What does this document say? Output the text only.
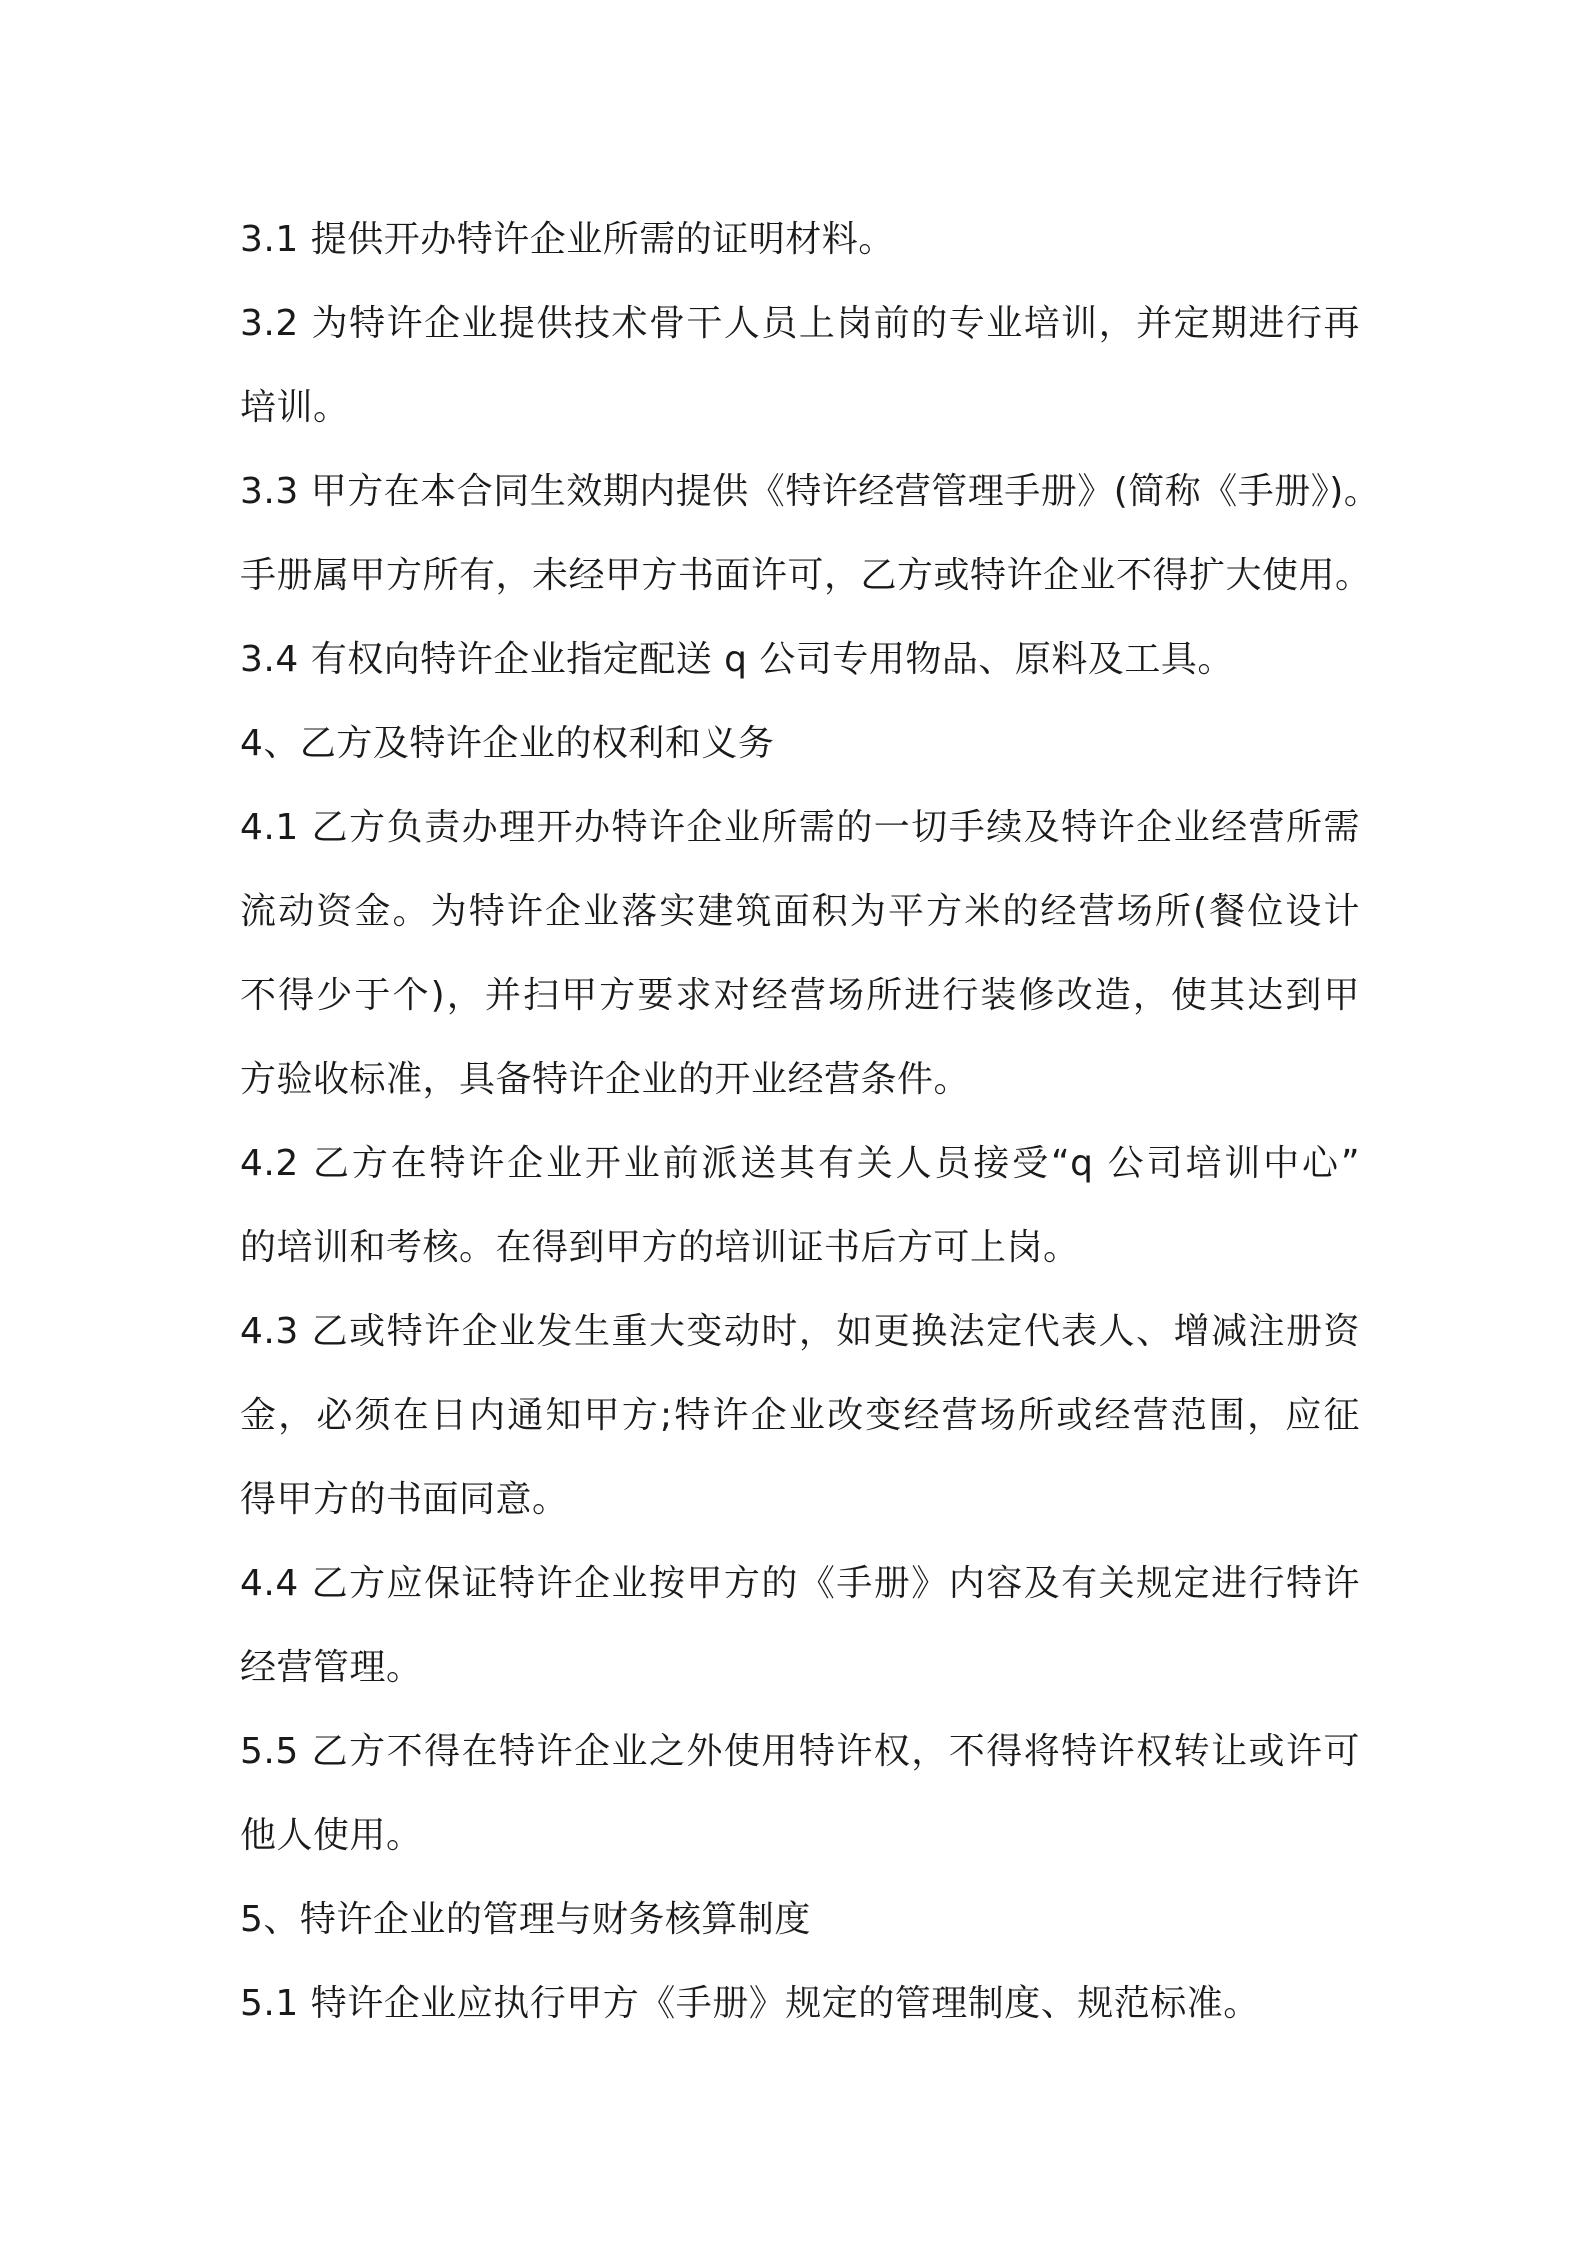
3.1 提供开办特许企业所需的证明材料。

3.2 为特许企业提供技术骨干人员上岗前的专业培训，并定期进行再
培训。

3.3 甲方在本合同生效期内提供《特许经营管理手册》(简称《手册》)。
手册属甲方所有，未经甲方书面许可，乙方或特许企业不得扩大使用。

3.4 有权向特许企业指定配送 q 公司专用物品、原料及工具。

4、乙方及特许企业的权利和义务

4.1 乙方负责办理开办特许企业所需的一切手续及特许企业经营所需
流动资金。为特许企业落实建筑面积为平方米的经营场所(餐位设计
不得少于个)，并扫甲方要求对经营场所进行装修改造，使其达到甲
方验收标准，具备特许企业的开业经营条件。

4.2 乙方在特许企业开业前派送其有关人员接受“q 公司培训中心”
的培训和考核。在得到甲方的培训证书后方可上岗。

4.3 乙或特许企业发生重大变动时，如更换法定代表人、增减注册资
金，必须在日内通知甲方;特许企业改变经营场所或经营范围，应征
得甲方的书面同意。

4.4 乙方应保证特许企业按甲方的《手册》内容及有关规定进行特许
经营管理。

5.5 乙方不得在特许企业之外使用特许权，不得将特许权转让或许可
他人使用。

5、特许企业的管理与财务核算制度

5.1 特许企业应执行甲方《手册》规定的管理制度、规范标准。
